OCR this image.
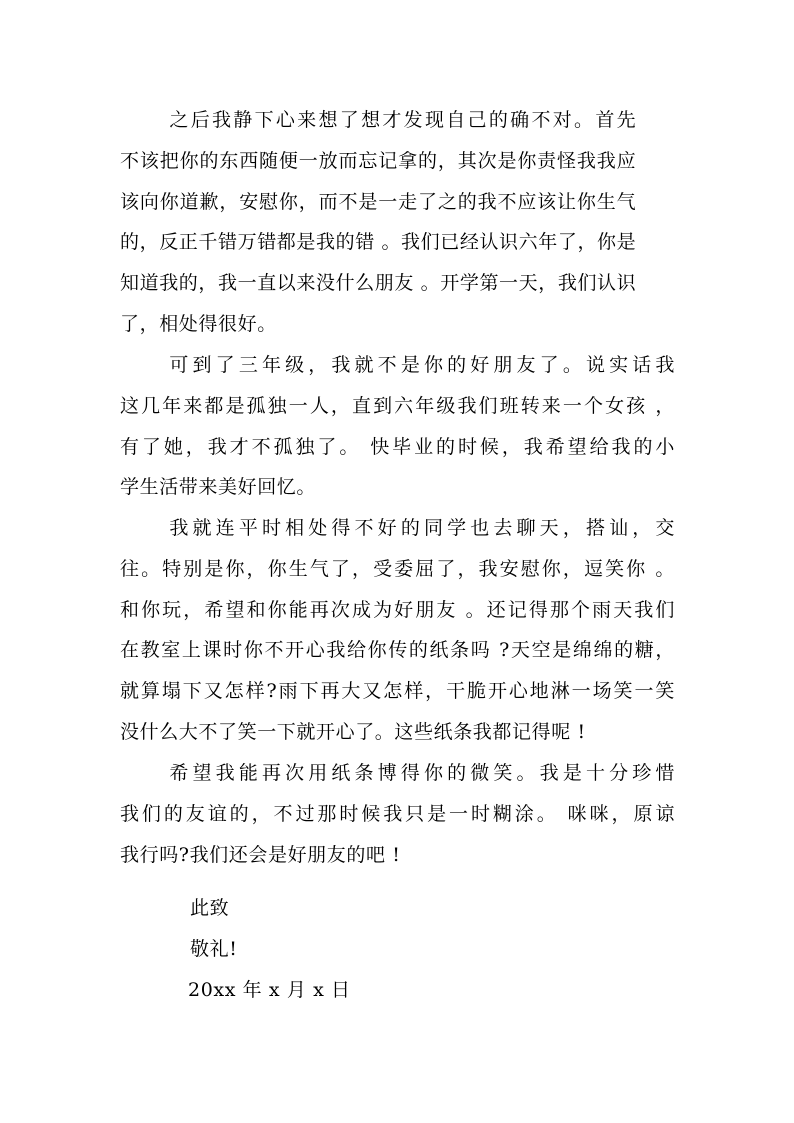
之后我静下心来想了想才发现自己的确不对。首先
不该把你的东西随便一放而忘记拿的，其次是你责怪我我应
该向你道歉，安慰你，而不是一走了之的我不应该让你生气
的，反正千错万错都是我的错 。我们已经认识六年了，你是
知道我的，我一直以来没什么朋友 。开学第一天，我们认识
了，相处得很好。

可到了三年级，我就不是你的好朋友了。说实话我
这几年来都是孤独一人，直到六年级我们班转来一个女孩 ，
有了她，我才不孤独了。 快毕业的时候，我希望给我的小
学生活带来美好回忆。

我就连平时相处得不好的同学也去聊天，搭讪，交
往。特别是你，你生气了，受委屈了，我安慰你，逗笑你 。
和你玩，希望和你能再次成为好朋友 。还记得那个雨天我们
在教室上课时你不开心我给你传的纸条吗 ?天空是绵绵的糖，
就算塌下又怎样?雨下再大又怎样，干脆开心地淋一场笑一笑
没什么大不了笑一下就开心了。这些纸条我都记得呢 !

希望我能再次用纸条博得你的微笑。我是十分珍惜
我们的友谊的，不过那时候我只是一时糊涂。 咪咪，原谅
我行吗?我们还会是好朋友的吧 !

此致
敬礼!
20xx 年 x 月 x 日
